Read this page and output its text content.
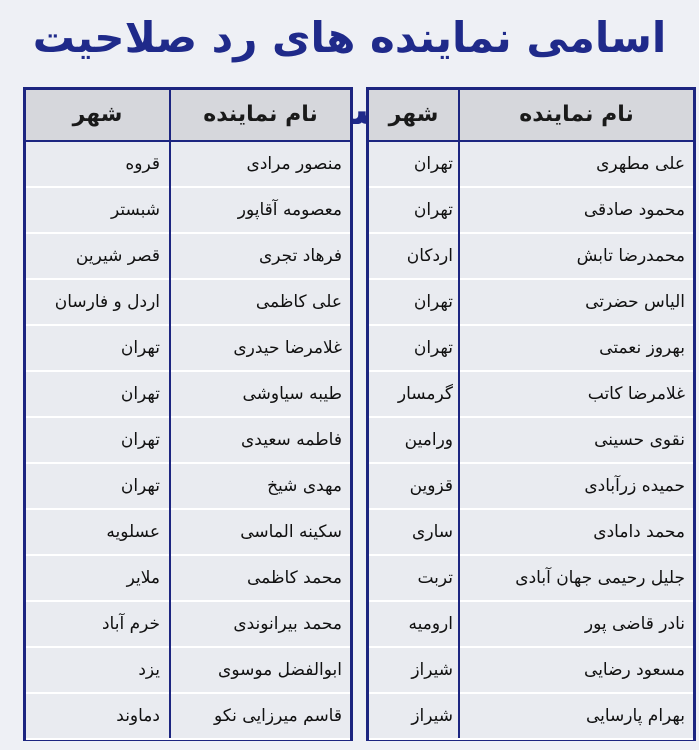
اسامی نماینده های رد صلاحیت
نام نماینده
شهر
منصور مرادی
قروه
معصومه آقاپور
شبستر
فرهاد تجری
قصر شیرین
علی کاظمی
اردل و فارسان
غلامرضا حیدری
تهران
طیبه سیاوشی
تهران
فاطمه سعیدی
تهران
مهدی شیخ
تهران
سکینه الماسی
عسلویه
محمد کاظمی
ملایر
محمد بیرانوندی
خرم آباد
ابوالفضل موسوی
یزد
قاسم میرزایی نکو
دماوند
نام نماینده
شهر
علی مطهری
تهران
محمود صادقی
تهران
محمدرضا تابش
اردکان
الیاس حضرتی
تهران
بهروز نعمتی
تهران
غلامرضا کاتب
گرمسار
نقوی حسینی
ورامین
حمیده زرآبادی
قزوین
محمد دامادی
ساری
جلیل رحیمی جهان آبادی
تربت
نادر قاضی پور
ارومیه
مسعود رضایی
شیراز
بهرام پارسایی
شیراز
